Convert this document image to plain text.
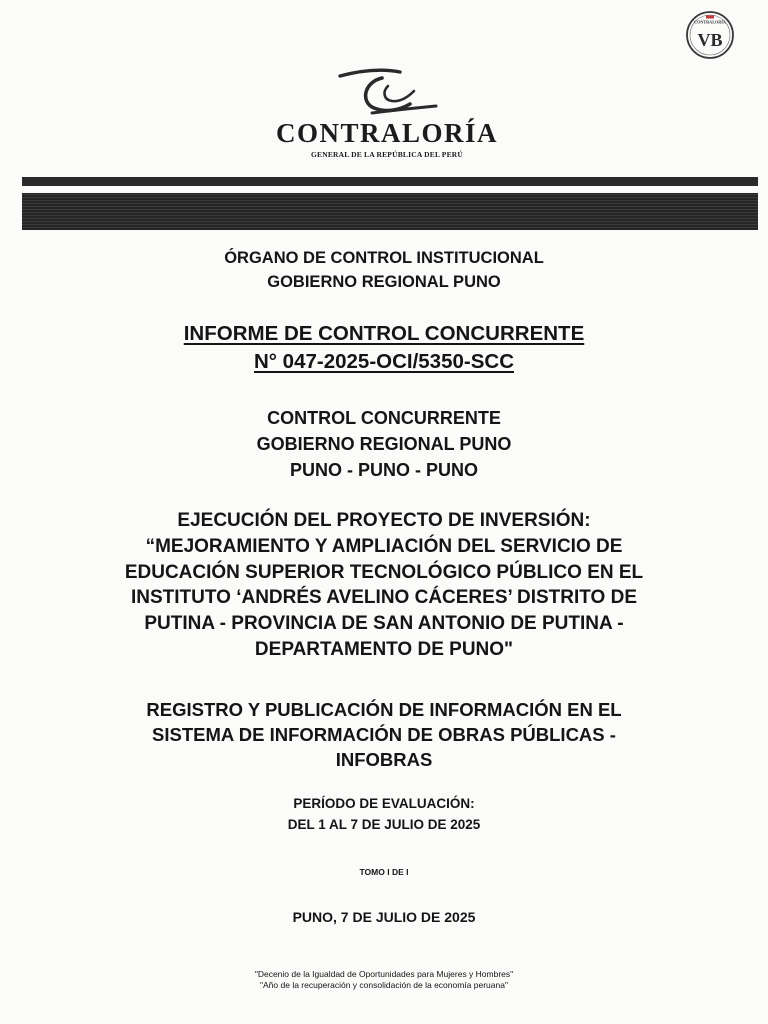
CONTRALORÍA
VB
CONTRALORÍA
GENERAL DE LA REPÚBLICA DEL PERÚ
ÓRGANO DE CONTROL INSTITUCIONAL
GOBIERNO REGIONAL PUNO
INFORME DE CONTROL CONCURRENTE
N° 047-2025-OCI/5350-SCC
CONTROL CONCURRENTE
GOBIERNO REGIONAL PUNO
PUNO - PUNO - PUNO
EJECUCIÓN DEL PROYECTO DE INVERSIÓN:
“MEJORAMIENTO Y AMPLIACIÓN DEL SERVICIO DE
EDUCACIÓN SUPERIOR TECNOLÓGICO PÚBLICO EN EL
INSTITUTO ‘ANDRÉS AVELINO CÁCERES’ DISTRITO DE
PUTINA - PROVINCIA DE SAN ANTONIO DE PUTINA -
DEPARTAMENTO DE PUNO"
REGISTRO Y PUBLICACIÓN DE INFORMACIÓN EN EL
SISTEMA DE INFORMACIÓN DE OBRAS PÚBLICAS -
INFOBRAS
PERÍODO DE EVALUACIÓN:
DEL 1 AL 7 DE JULIO DE 2025
TOMO I DE I
PUNO, 7 DE JULIO DE 2025
"Decenio de la Igualdad de Oportunidades para Mujeres y Hombres"
"Año de la recuperación y consolidación de la economía peruana"
